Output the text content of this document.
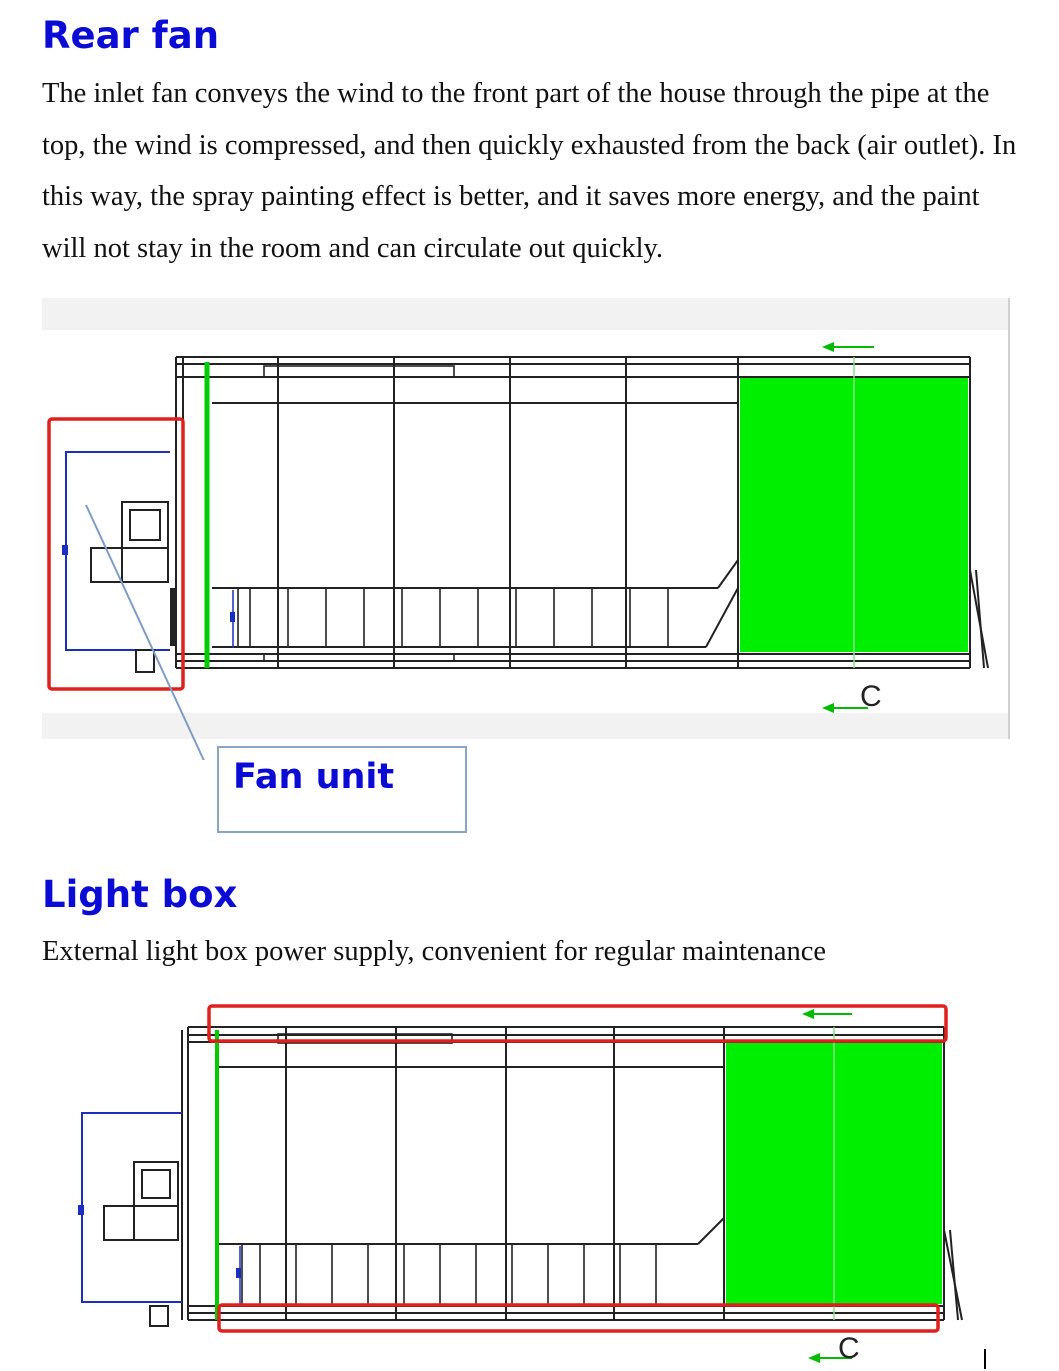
Rear fan

The inlet fan conveys the wind to the front part of the house through the pipe at the top, the wind is compressed, and then quickly exhausted from the back (air outlet). In this way, the spray painting effect is better, and it saves more energy, and the paint will not stay in the room and can circulate out quickly.

C
Fan unit
Light box

External light box power supply, convenient for regular maintenance

C
